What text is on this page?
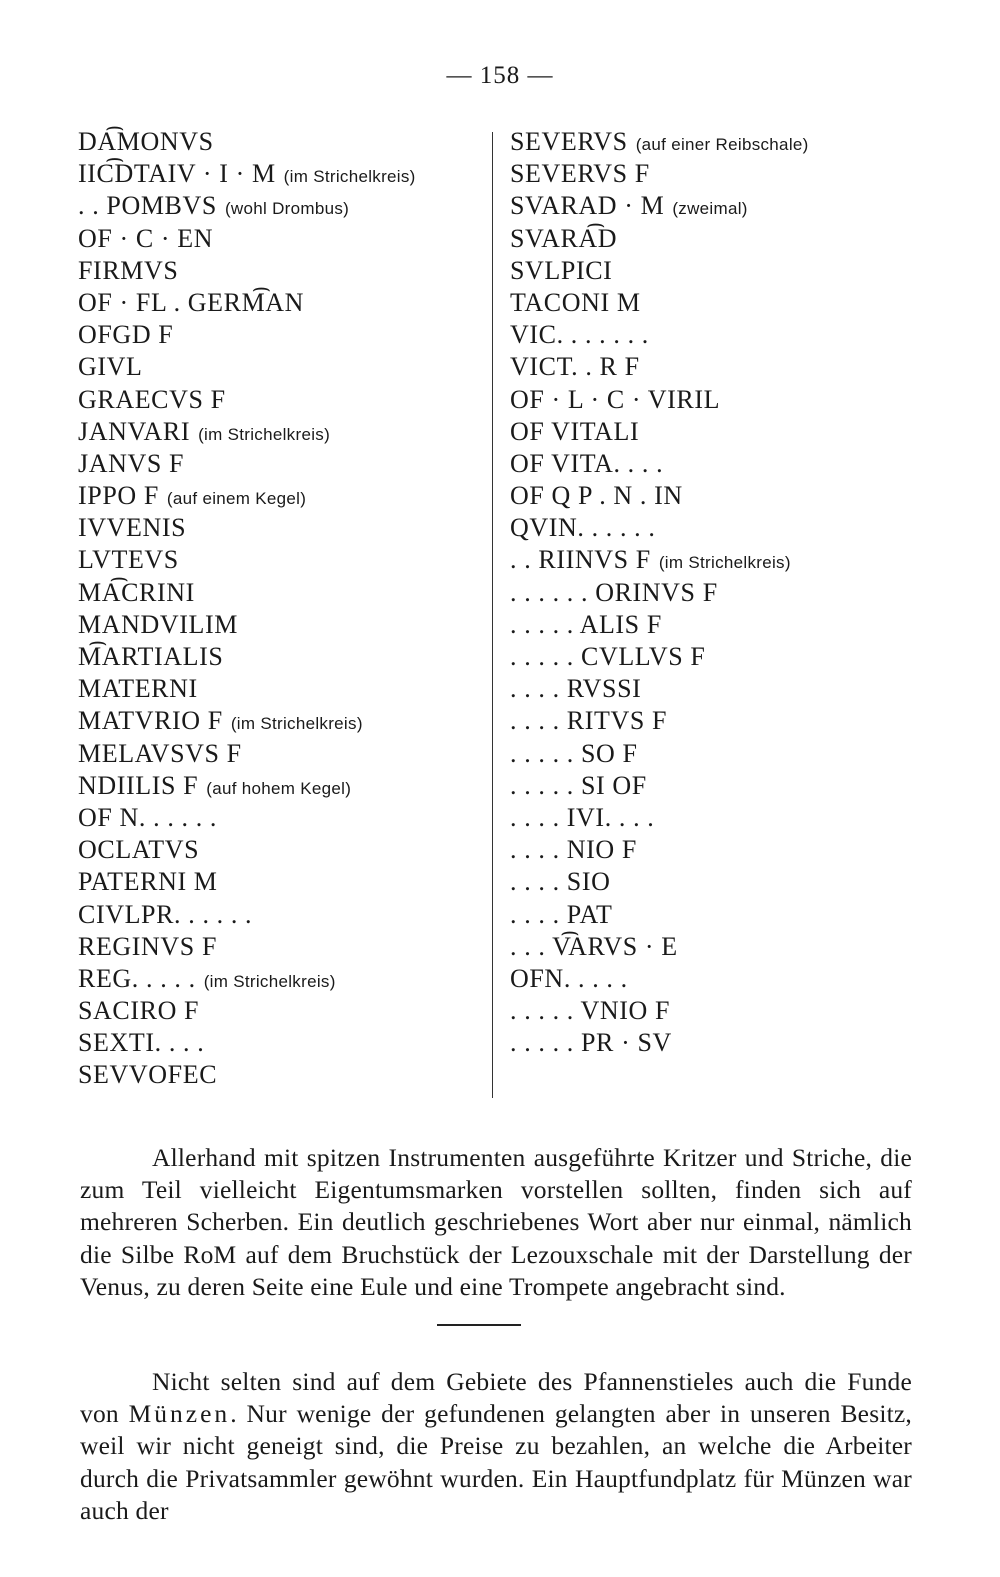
— 158 —
DA͡MONVS
IIC͡DTAIV · I · M (im Strichelkreis)
. . POMBVS (wohl Drombus)
OF · C · EN
FIRMVS
OF · FL . GERM͡AN
OFGD F
GIVL
GRAECVS F
JANVARI (im Strichelkreis)
JANVS F
IPPO F (auf einem Kegel)
IVVENIS
LVTEVS
MA͡CRINI
MANDVILIM
M͡ARTIALIS
MATERNI
MATVRIO F (im Strichelkreis)
MELAVSVS F
NDIILIS F (auf hohem Kegel)
OF N. . . . . .
OCLATVS
PATERNI M
CIVLPR. . . . . .
REGINVS F
REG. . . . . (im Strichelkreis)
SACIRO F
SEXTI. . . .
SEVVOFEC
SEVERVS (auf einer Reibschale)
SEVERVS F
SVARAD · M (zweimal)
SVARA͡D
SVLPICI
TACONI M
VIC. . . . . . .
VICT. . R F
OF · L · C · VIRIL
OF VITALI
OF VITA. . . .
OF Q P . N . IN
QVIN. . . . . .
. . RIINVS F (im Strichelkreis)
. . . . . . ORINVS F
. . . . . ALIS F
. . . . . CVLLVS F
. . . . RVSSI
. . . . RITVS F
. . . . . SO F
. . . . . SI OF
. . . . IVI. . . .
. . . . NIO F
. . . . SIO
. . . . PAT
. . . V͡ARVS · E
OFN. . . . .
. . . . . VNIO F
. . . . . PR · SV

Allerhand mit spitzen Instrumenten ausgeführte Kritzer und Striche, die zum Teil vielleicht Eigentumsmarken vorstellen sollten, finden sich auf mehreren Scherben. Ein deutlich geschriebenes Wort aber nur einmal, nämlich die Silbe RoM auf dem Bruchstück der Lezouxschale mit der Darstellung der Venus, zu deren Seite eine Eule und eine Trompete angebracht sind.

Nicht selten sind auf dem Gebiete des Pfannenstieles auch die Funde von Münzen. Nur wenige der gefundenen gelangten aber in unseren Besitz, weil wir nicht geneigt sind, die Preise zu bezahlen, an welche die Arbeiter durch die Privatsammler gewöhnt wurden. Ein Hauptfundplatz für Münzen war auch der
